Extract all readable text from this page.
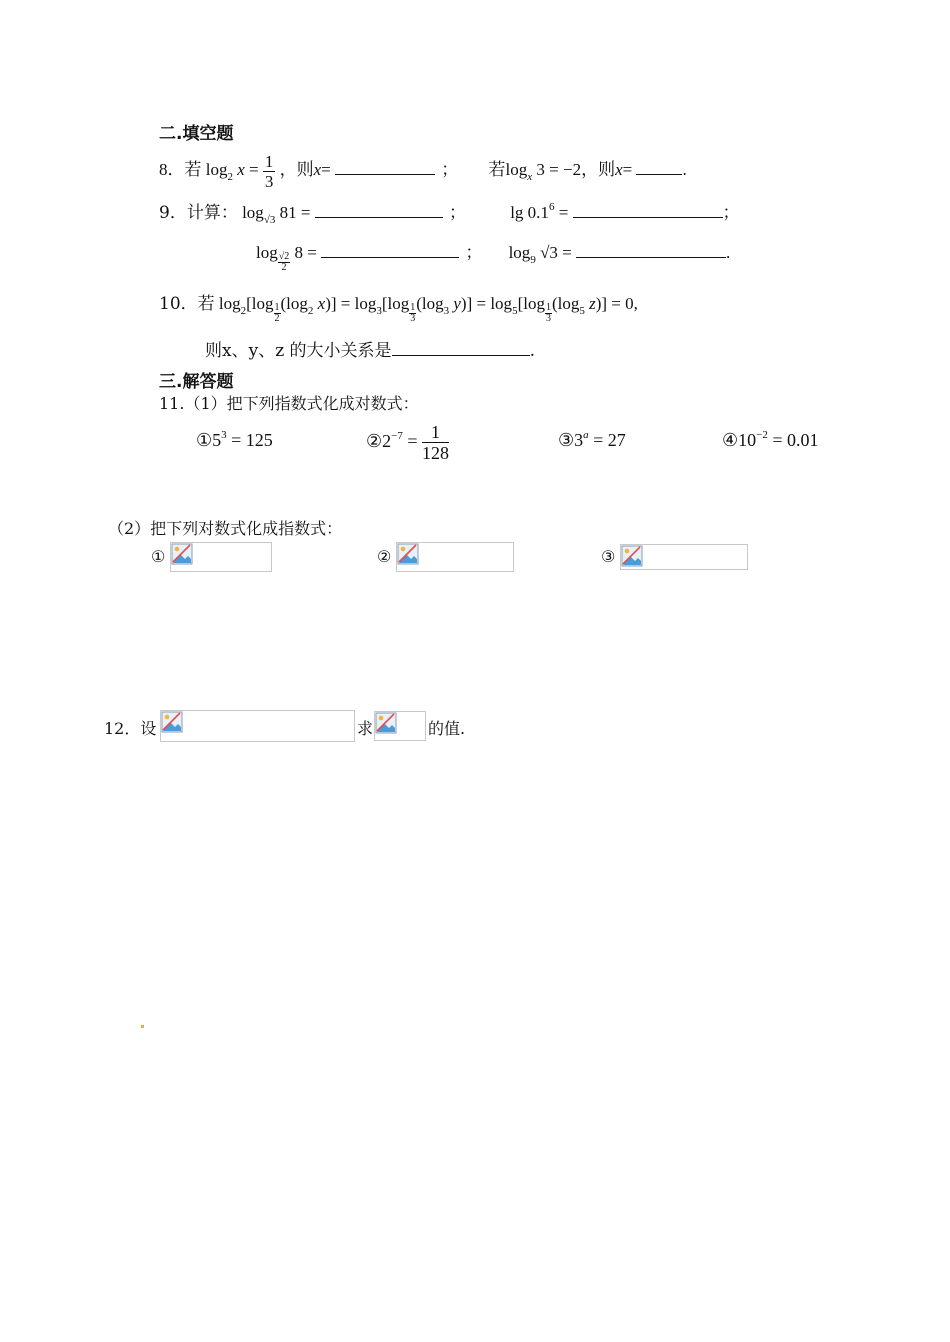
二.填空题
8．若 $\log_2 x = \frac{1}{3}$ ，则x=	； 若$\log_x 3 = -2$，则x=	.
9．计算： $\log_{√3} 81$ =	；	$\lg 0.1^6$ =	；
$\log \frac{√2}{2} 8$ =	； $\log_9 √3$ =	.
10．若 $\log_2[\log \frac{1}{2} (\log_2$ $x)] = \log_3[\log \frac{1}{3} (\log_3$ $y)] = \log_5[\log \frac{1}{3} (\log_5$ z)] = 0,
则x、y、z 的大小关系是	.
三.解答题
11.（1）把下列指数式化成对数式：
$①5^3 = 125$	$②2^{-7} = \frac{1}{128}$	$③3^a = 27$	$④10^{-2} = 0.01$
（2）把下列对数式化成指数式：
①	②	③
12．设	求	的值.
